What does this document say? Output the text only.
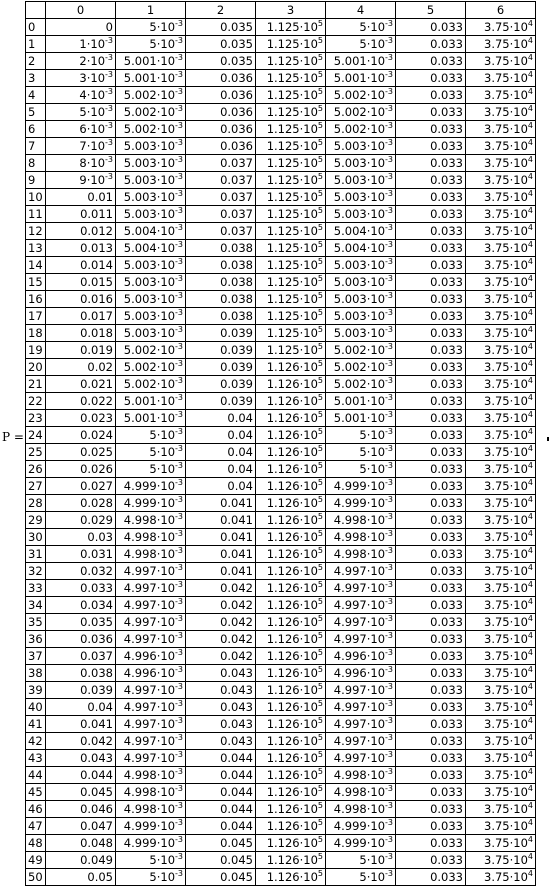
P =
	0	1	2	3	4	5	6
0	0	$5\cdot 10^{-3}$	0.035	$1.125\cdot 10^5$	$5\cdot 10^{-3}$	0.033	$3.75\cdot 10^4$
1	$1\cdot 10^{-3}$	$5\cdot 10^{-3}$	0.035	$1.125\cdot 10^5$	$5\cdot 10^{-3}$	0.033	$3.75\cdot 10^4$
2	$2\cdot 10^{-3}$	$5.001\cdot 10^{-3}$	0.035	$1.125\cdot 10^5$	$5.001\cdot 10^{-3}$	0.033	$3.75\cdot 10^4$
3	$3\cdot 10^{-3}$	$5.001\cdot 10^{-3}$	0.036	$1.125\cdot 10^5$	$5.001\cdot 10^{-3}$	0.033	$3.75\cdot 10^4$
4	$4\cdot 10^{-3}$	$5.002\cdot 10^{-3}$	0.036	$1.125\cdot 10^5$	$5.002\cdot 10^{-3}$	0.033	$3.75\cdot 10^4$
5	$5\cdot 10^{-3}$	$5.002\cdot 10^{-3}$	0.036	$1.125\cdot 10^5$	$5.002\cdot 10^{-3}$	0.033	$3.75\cdot 10^4$
6	$6\cdot 10^{-3}$	$5.002\cdot 10^{-3}$	0.036	$1.125\cdot 10^5$	$5.002\cdot 10^{-3}$	0.033	$3.75\cdot 10^4$
7	$7\cdot 10^{-3}$	$5.003\cdot 10^{-3}$	0.036	$1.125\cdot 10^5$	$5.003\cdot 10^{-3}$	0.033	$3.75\cdot 10^4$
8	$8\cdot 10^{-3}$	$5.003\cdot 10^{-3}$	0.037	$1.125\cdot 10^5$	$5.003\cdot 10^{-3}$	0.033	$3.75\cdot 10^4$
9	$9\cdot 10^{-3}$	$5.003\cdot 10^{-3}$	0.037	$1.125\cdot 10^5$	$5.003\cdot 10^{-3}$	0.033	$3.75\cdot 10^4$
10	0.01	$5.003\cdot 10^{-3}$	0.037	$1.125\cdot 10^5$	$5.003\cdot 10^{-3}$	0.033	$3.75\cdot 10^4$
11	0.011	$5.003\cdot 10^{-3}$	0.037	$1.125\cdot 10^5$	$5.003\cdot 10^{-3}$	0.033	$3.75\cdot 10^4$
12	0.012	$5.004\cdot 10^{-3}$	0.037	$1.125\cdot 10^5$	$5.004\cdot 10^{-3}$	0.033	$3.75\cdot 10^4$
13	0.013	$5.004\cdot 10^{-3}$	0.038	$1.125\cdot 10^5$	$5.004\cdot 10^{-3}$	0.033	$3.75\cdot 10^4$
14	0.014	$5.003\cdot 10^{-3}$	0.038	$1.125\cdot 10^5$	$5.003\cdot 10^{-3}$	0.033	$3.75\cdot 10^4$
15	0.015	$5.003\cdot 10^{-3}$	0.038	$1.125\cdot 10^5$	$5.003\cdot 10^{-3}$	0.033	$3.75\cdot 10^4$
16	0.016	$5.003\cdot 10^{-3}$	0.038	$1.125\cdot 10^5$	$5.003\cdot 10^{-3}$	0.033	$3.75\cdot 10^4$
17	0.017	$5.003\cdot 10^{-3}$	0.038	$1.125\cdot 10^5$	$5.003\cdot 10^{-3}$	0.033	$3.75\cdot 10^4$
18	0.018	$5.003\cdot 10^{-3}$	0.039	$1.125\cdot 10^5$	$5.003\cdot 10^{-3}$	0.033	$3.75\cdot 10^4$
19	0.019	$5.002\cdot 10^{-3}$	0.039	$1.125\cdot 10^5$	$5.002\cdot 10^{-3}$	0.033	$3.75\cdot 10^4$
20	0.02	$5.002\cdot 10^{-3}$	0.039	$1.126\cdot 10^5$	$5.002\cdot 10^{-3}$	0.033	$3.75\cdot 10^4$
21	0.021	$5.002\cdot 10^{-3}$	0.039	$1.126\cdot 10^5$	$5.002\cdot 10^{-3}$	0.033	$3.75\cdot 10^4$
22	0.022	$5.001\cdot 10^{-3}$	0.039	$1.126\cdot 10^5$	$5.001\cdot 10^{-3}$	0.033	$3.75\cdot 10^4$
23	0.023	$5.001\cdot 10^{-3}$	0.04	$1.126\cdot 10^5$	$5.001\cdot 10^{-3}$	0.033	$3.75\cdot 10^4$
24	0.024	$5\cdot 10^{-3}$	0.04	$1.126\cdot 10^5$	$5\cdot 10^{-3}$	0.033	$3.75\cdot 10^4$
25	0.025	$5\cdot 10^{-3}$	0.04	$1.126\cdot 10^5$	$5\cdot 10^{-3}$	0.033	$3.75\cdot 10^4$
26	0.026	$5\cdot 10^{-3}$	0.04	$1.126\cdot 10^5$	$5\cdot 10^{-3}$	0.033	$3.75\cdot 10^4$
27	0.027	$4.999\cdot 10^{-3}$	0.04	$1.126\cdot 10^5$	$4.999\cdot 10^{-3}$	0.033	$3.75\cdot 10^4$
28	0.028	$4.999\cdot 10^{-3}$	0.041	$1.126\cdot 10^5$	$4.999\cdot 10^{-3}$	0.033	$3.75\cdot 10^4$
29	0.029	$4.998\cdot 10^{-3}$	0.041	$1.126\cdot 10^5$	$4.998\cdot 10^{-3}$	0.033	$3.75\cdot 10^4$
30	0.03	$4.998\cdot 10^{-3}$	0.041	$1.126\cdot 10^5$	$4.998\cdot 10^{-3}$	0.033	$3.75\cdot 10^4$
31	0.031	$4.998\cdot 10^{-3}$	0.041	$1.126\cdot 10^5$	$4.998\cdot 10^{-3}$	0.033	$3.75\cdot 10^4$
32	0.032	$4.997\cdot 10^{-3}$	0.041	$1.126\cdot 10^5$	$4.997\cdot 10^{-3}$	0.033	$3.75\cdot 10^4$
33	0.033	$4.997\cdot 10^{-3}$	0.042	$1.126\cdot 10^5$	$4.997\cdot 10^{-3}$	0.033	$3.75\cdot 10^4$
34	0.034	$4.997\cdot 10^{-3}$	0.042	$1.126\cdot 10^5$	$4.997\cdot 10^{-3}$	0.033	$3.75\cdot 10^4$
35	0.035	$4.997\cdot 10^{-3}$	0.042	$1.126\cdot 10^5$	$4.997\cdot 10^{-3}$	0.033	$3.75\cdot 10^4$
36	0.036	$4.997\cdot 10^{-3}$	0.042	$1.126\cdot 10^5$	$4.997\cdot 10^{-3}$	0.033	$3.75\cdot 10^4$
37	0.037	$4.996\cdot 10^{-3}$	0.042	$1.126\cdot 10^5$	$4.996\cdot 10^{-3}$	0.033	$3.75\cdot 10^4$
38	0.038	$4.996\cdot 10^{-3}$	0.043	$1.126\cdot 10^5$	$4.996\cdot 10^{-3}$	0.033	$3.75\cdot 10^4$
39	0.039	$4.997\cdot 10^{-3}$	0.043	$1.126\cdot 10^5$	$4.997\cdot 10^{-3}$	0.033	$3.75\cdot 10^4$
40	0.04	$4.997\cdot 10^{-3}$	0.043	$1.126\cdot 10^5$	$4.997\cdot 10^{-3}$	0.033	$3.75\cdot 10^4$
41	0.041	$4.997\cdot 10^{-3}$	0.043	$1.126\cdot 10^5$	$4.997\cdot 10^{-3}$	0.033	$3.75\cdot 10^4$
42	0.042	$4.997\cdot 10^{-3}$	0.043	$1.126\cdot 10^5$	$4.997\cdot 10^{-3}$	0.033	$3.75\cdot 10^4$
43	0.043	$4.997\cdot 10^{-3}$	0.044	$1.126\cdot 10^5$	$4.997\cdot 10^{-3}$	0.033	$3.75\cdot 10^4$
44	0.044	$4.998\cdot 10^{-3}$	0.044	$1.126\cdot 10^5$	$4.998\cdot 10^{-3}$	0.033	$3.75\cdot 10^4$
45	0.045	$4.998\cdot 10^{-3}$	0.044	$1.126\cdot 10^5$	$4.998\cdot 10^{-3}$	0.033	$3.75\cdot 10^4$
46	0.046	$4.998\cdot 10^{-3}$	0.044	$1.126\cdot 10^5$	$4.998\cdot 10^{-3}$	0.033	$3.75\cdot 10^4$
47	0.047	$4.999\cdot 10^{-3}$	0.044	$1.126\cdot 10^5$	$4.999\cdot 10^{-3}$	0.033	$3.75\cdot 10^4$
48	0.048	$4.999\cdot 10^{-3}$	0.045	$1.126\cdot 10^5$	$4.999\cdot 10^{-3}$	0.033	$3.75\cdot 10^4$
49	0.049	$5\cdot 10^{-3}$	0.045	$1.126\cdot 10^5$	$5\cdot 10^{-3}$	0.033	$3.75\cdot 10^4$
50	0.05	$5\cdot 10^{-3}$	0.045	$1.126\cdot 10^5$	$5\cdot 10^{-3}$	0.033	$3.75\cdot 10^4$
